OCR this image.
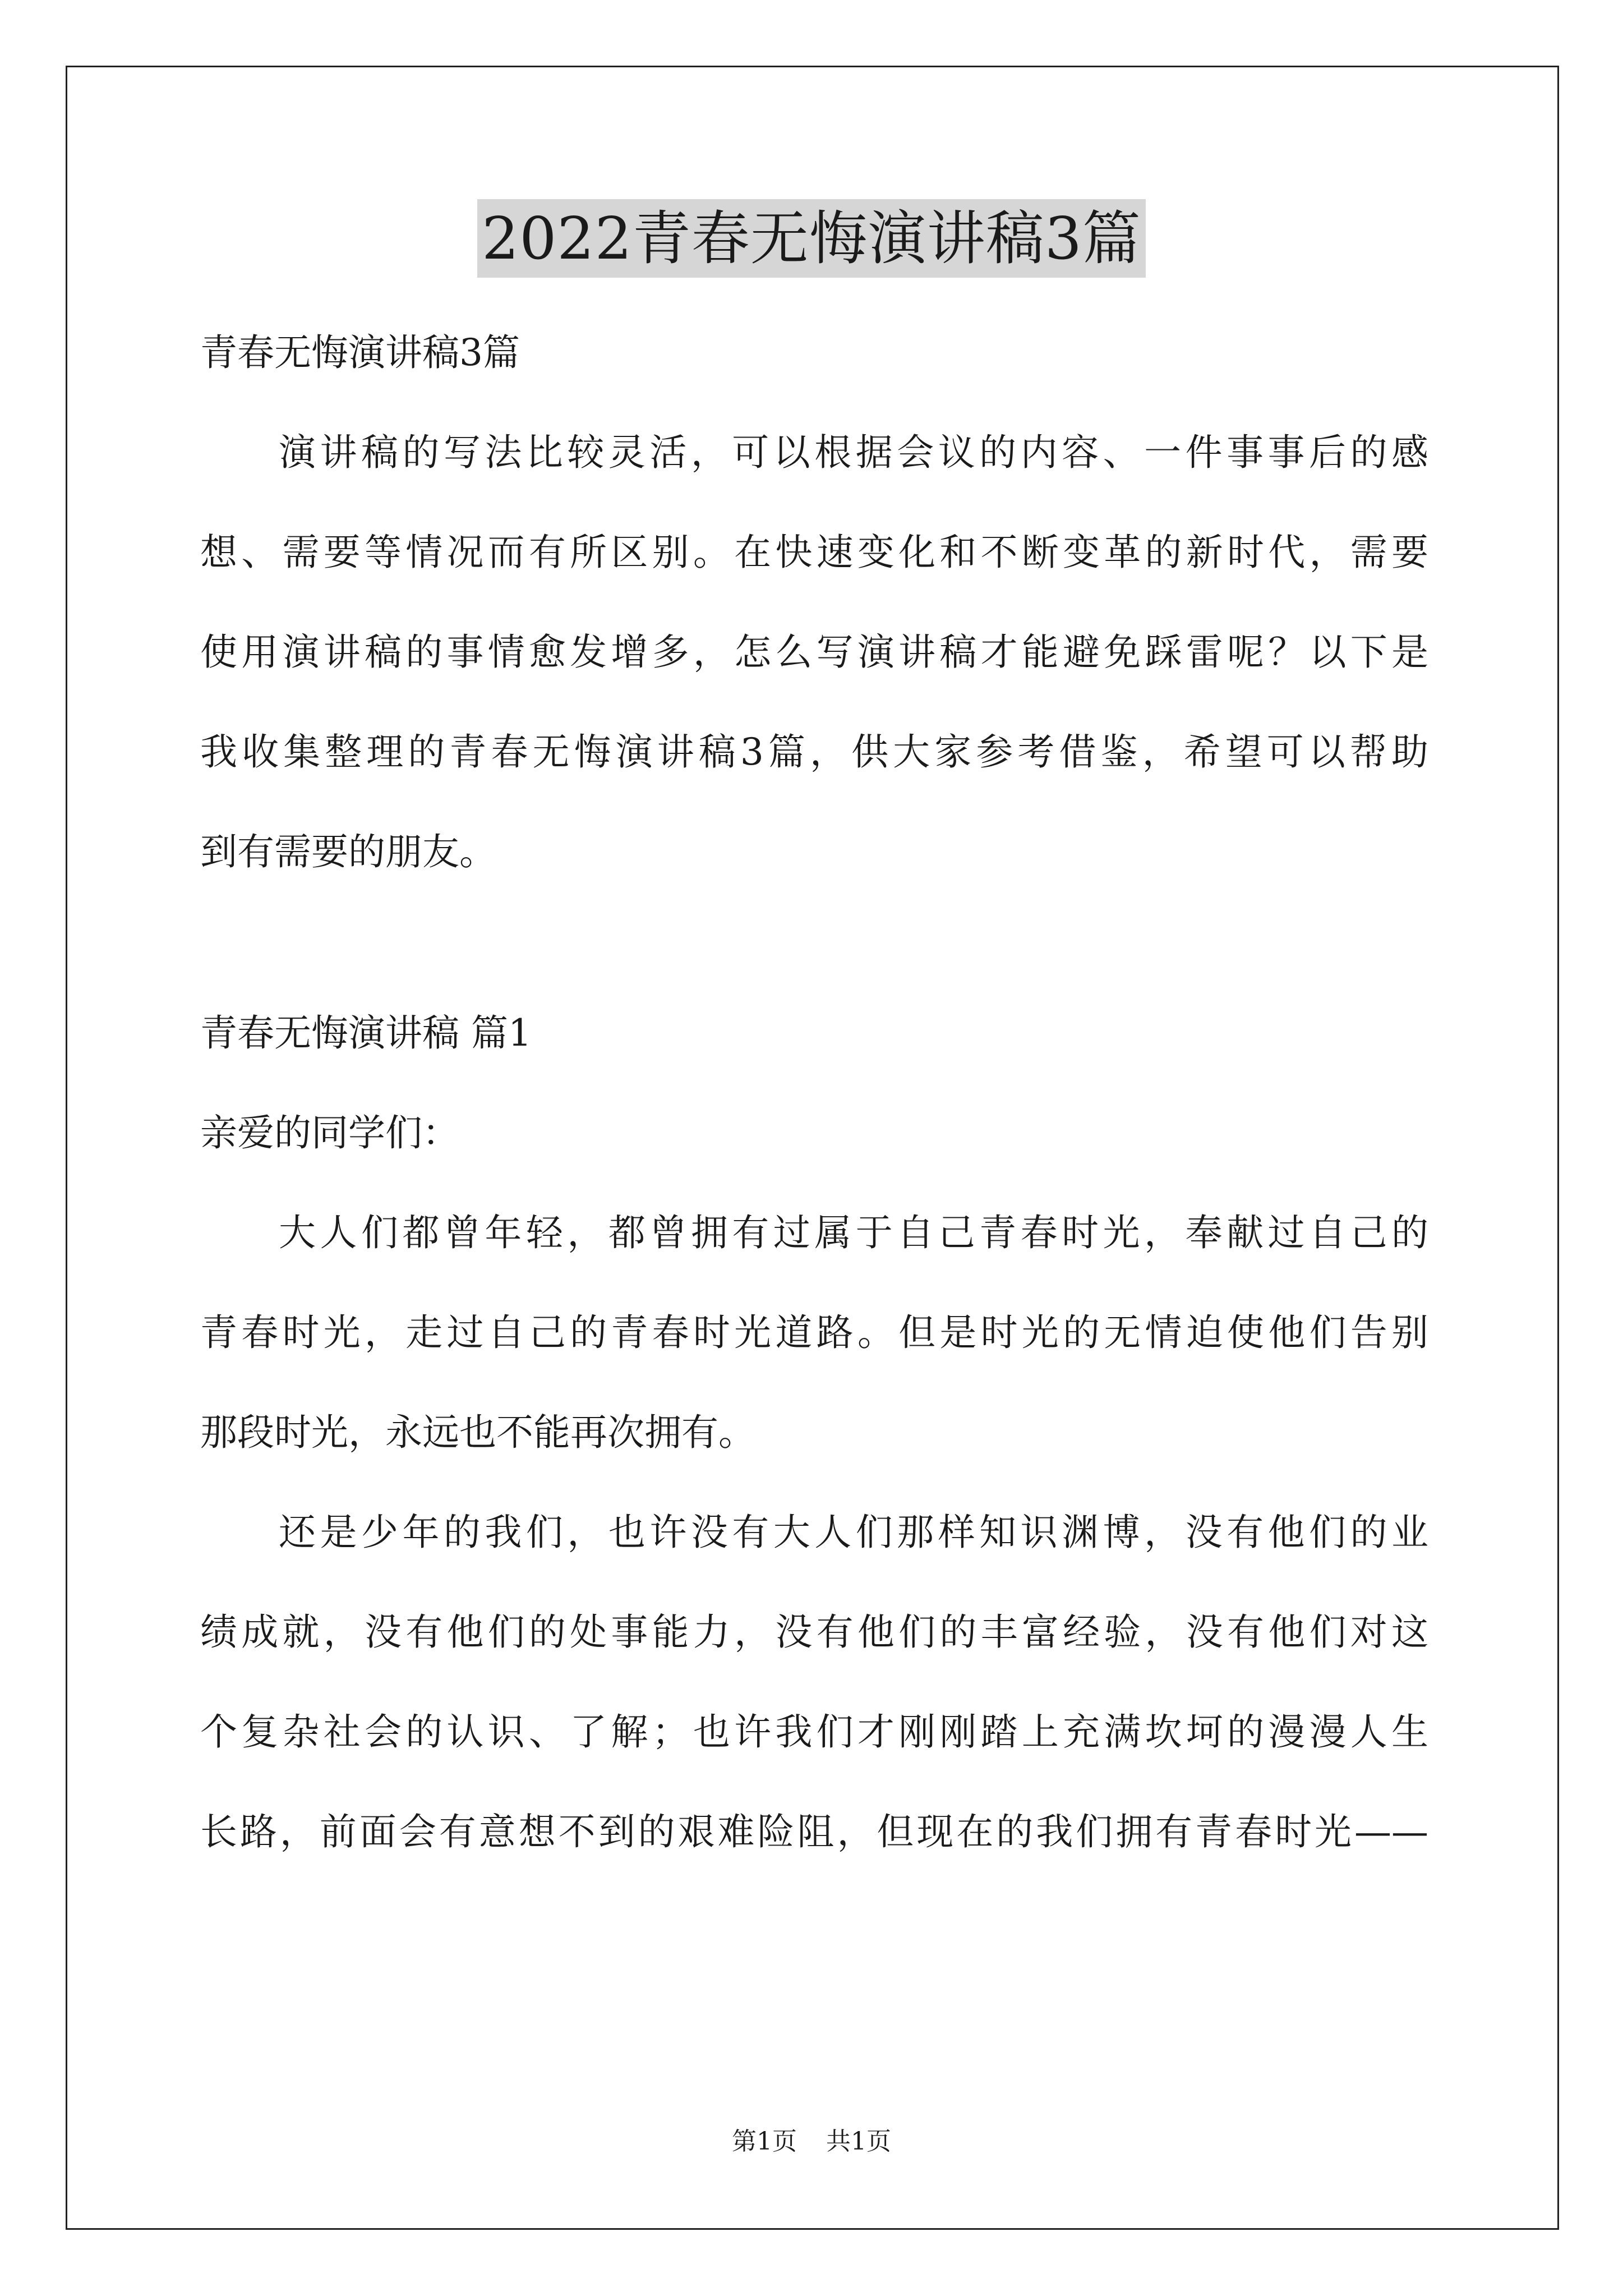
2022青春无悔演讲稿3篇
青春无悔演讲稿3篇
演讲稿的写法比较灵活，可以根据会议的内容、一件事事后的感
想、需要等情况而有所区别。在快速变化和不断变革的新时代，需要
使用演讲稿的事情愈发增多，怎么写演讲稿才能避免踩雷呢？以下是
我收集整理的青春无悔演讲稿3篇，供大家参考借鉴，希望可以帮助
到有需要的朋友。
青春无悔演讲稿 篇1
亲爱的同学们：
大人们都曾年轻，都曾拥有过属于自己青春时光，奉献过自己的
青春时光，走过自己的青春时光道路。但是时光的无情迫使他们告别
那段时光，永远也不能再次拥有。
还是少年的我们，也许没有大人们那样知识渊博，没有他们的业
绩成就，没有他们的处事能力，没有他们的丰富经验，没有他们对这
个复杂社会的认识、了解；也许我们才刚刚踏上充满坎坷的漫漫人生
长路，前面会有意想不到的艰难险阻，但现在的我们拥有青春时光——
第1页 共1页
